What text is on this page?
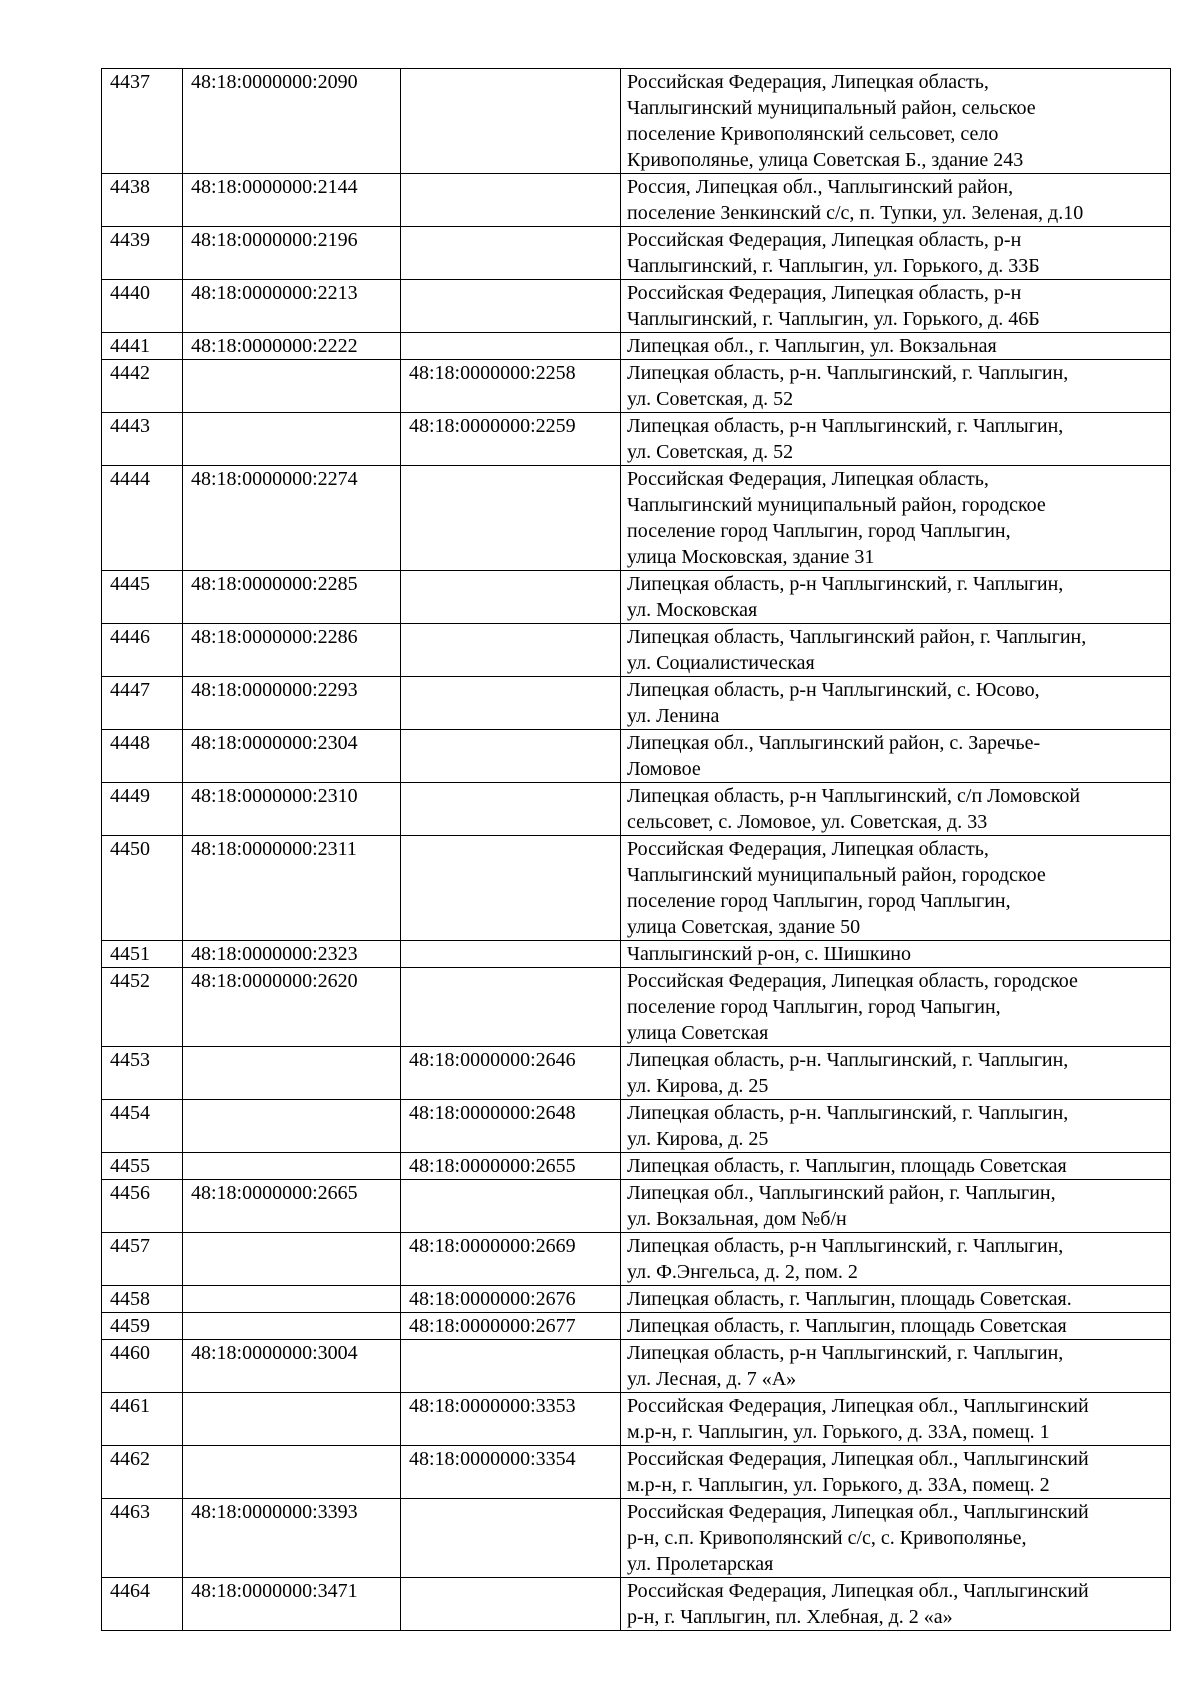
4437	48:18:0000000:2090		Российская Федерация, Липецкая область,
Чаплыгинский муниципальный район, сельское
поселение Кривополянский сельсовет, село
Кривополянье, улица Советская Б., здание 243
4438	48:18:0000000:2144		Россия, Липецкая обл., Чаплыгинский район,
поселение Зенкинский с/с, п. Тупки, ул. Зеленая, д.10
4439	48:18:0000000:2196		Российская Федерация, Липецкая область, р-н
Чаплыгинский, г. Чаплыгин, ул. Горького, д. 33Б
4440	48:18:0000000:2213		Российская Федерация, Липецкая область, р-н
Чаплыгинский, г. Чаплыгин, ул. Горького, д. 46Б
4441	48:18:0000000:2222		Липецкая обл., г. Чаплыгин, ул. Вокзальная
4442		48:18:0000000:2258	Липецкая область, р-н. Чаплыгинский, г. Чаплыгин,
ул. Советская, д. 52
4443		48:18:0000000:2259	Липецкая область, р-н Чаплыгинский, г. Чаплыгин,
ул. Советская, д. 52
4444	48:18:0000000:2274		Российская Федерация, Липецкая область,
Чаплыгинский муниципальный район, городское
поселение город Чаплыгин, город Чаплыгин,
улица Московская, здание 31
4445	48:18:0000000:2285		Липецкая область, р-н Чаплыгинский, г. Чаплыгин,
ул. Московская
4446	48:18:0000000:2286		Липецкая область, Чаплыгинский район, г. Чаплыгин,
ул. Социалистическая
4447	48:18:0000000:2293		Липецкая область, р-н Чаплыгинский, с. Юсово,
ул. Ленина
4448	48:18:0000000:2304		Липецкая обл., Чаплыгинский район, с. Заречье-
Ломовое
4449	48:18:0000000:2310		Липецкая область, р-н Чаплыгинский, с/п Ломовской
сельсовет, с. Ломовое, ул. Советская, д. 33
4450	48:18:0000000:2311		Российская Федерация, Липецкая область,
Чаплыгинский муниципальный район, городское
поселение город Чаплыгин, город Чаплыгин,
улица Советская, здание 50
4451	48:18:0000000:2323		Чаплыгинский р-он, с. Шишкино
4452	48:18:0000000:2620		Российская Федерация, Липецкая область, городское
поселение город Чаплыгин, город Чапыгин,
улица Советская
4453		48:18:0000000:2646	Липецкая область, р-н. Чаплыгинский, г. Чаплыгин,
ул. Кирова, д. 25
4454		48:18:0000000:2648	Липецкая область, р-н. Чаплыгинский, г. Чаплыгин,
ул. Кирова, д. 25
4455		48:18:0000000:2655	Липецкая область, г. Чаплыгин, площадь Советская
4456	48:18:0000000:2665		Липецкая обл., Чаплыгинский район, г. Чаплыгин,
ул. Вокзальная, дом №б/н
4457		48:18:0000000:2669	Липецкая область, р-н Чаплыгинский, г. Чаплыгин,
ул. Ф.Энгельса, д. 2, пом. 2
4458		48:18:0000000:2676	Липецкая область, г. Чаплыгин, площадь Советская.
4459		48:18:0000000:2677	Липецкая область, г. Чаплыгин, площадь Советская
4460	48:18:0000000:3004		Липецкая область, р-н Чаплыгинский, г. Чаплыгин,
ул. Лесная, д. 7 «А»
4461		48:18:0000000:3353	Российская Федерация, Липецкая обл., Чаплыгинский
м.р-н, г. Чаплыгин, ул. Горького, д. 33А, помещ. 1
4462		48:18:0000000:3354	Российская Федерация, Липецкая обл., Чаплыгинский
м.р-н, г. Чаплыгин, ул. Горького, д. 33А, помещ. 2
4463	48:18:0000000:3393		Российская Федерация, Липецкая обл., Чаплыгинский
р-н, с.п. Кривополянский с/с, с. Кривополянье,
ул. Пролетарская
4464	48:18:0000000:3471		Российская Федерация, Липецкая обл., Чаплыгинский
р-н, г. Чаплыгин, пл. Хлебная, д. 2 «а»
